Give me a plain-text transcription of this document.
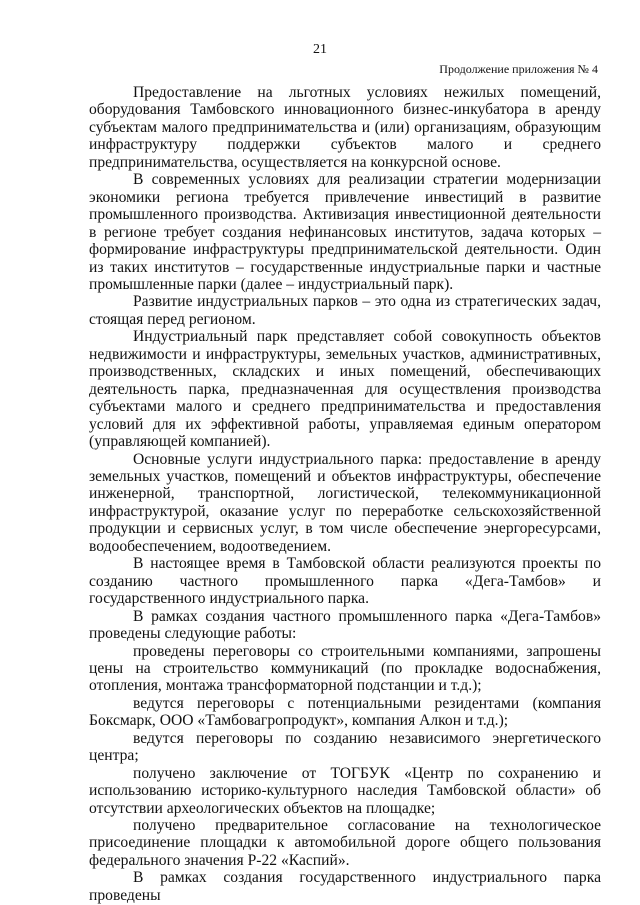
21
Продолжение приложения № 4

Предоставление на льготных условиях нежилых помещений, оборудования Тамбовского инновационного бизнес-инкубатора в аренду субъектам малого предпринимательства и (или) организациям, образующим инфраструктуру поддержки субъектов малого и среднего предпринимательства, осуществляется на конкурсной основе.

В современных условиях для реализации стратегии модернизации экономики региона требуется привлечение инвестиций в развитие промышленного производства. Активизация инвестиционной деятельности в регионе требует создания нефинансовых институтов, задача которых – формирование инфраструктуры предпринимательской деятельности. Один из таких институтов – государственные индустриальные парки и частные промышленные парки (далее – индустриальный парк).

Развитие индустриальных парков – это одна из стратегических задач, стоящая перед регионом.

Индустриальный парк представляет собой совокупность объектов недвижимости и инфраструктуры, земельных участков, административных, производственных, складских и иных помещений, обеспечивающих деятельность парка, предназначенная для осуществления производства субъектами малого и среднего предпринимательства и предоставления условий для их эффективной работы, управляемая единым оператором (управляющей компанией).

Основные услуги индустриального парка: предоставление в аренду земельных участков, помещений и объектов инфраструктуры, обеспечение инженерной, транспортной, логистической, телекоммуникационной инфраструктурой, оказание услуг по переработке сельскохозяйственной продукции и сервисных услуг, в том числе обеспечение энергоресурсами, водообеспечением, водоотведением.

В настоящее время в Тамбовской области реализуются проекты по созданию частного промышленного парка «Дега-Тамбов» и государственного индустриального парка.

В рамках создания частного промышленного парка «Дега-Тамбов» проведены следующие работы:

проведены переговоры со строительными компаниями, запрошены цены на строительство коммуникаций (по прокладке водоснабжения, отопления, монтажа трансформаторной подстанции и т.д.);

ведутся переговоры с потенциальными резидентами (компания Боксмарк, ООО «Тамбовагропродукт», компания Алкон и т.д.);

ведутся переговоры по созданию независимого энергетического центра;

получено заключение от ТОГБУК «Центр по сохранению и использованию историко-культурного наследия Тамбовской области» об отсутствии археологических объектов на площадке;

получено предварительное согласование на технологическое присоединение площадки к автомобильной дороге общего пользования федерального значения Р-22 «Каспий».

В рамках создания государственного индустриального парка проведены
